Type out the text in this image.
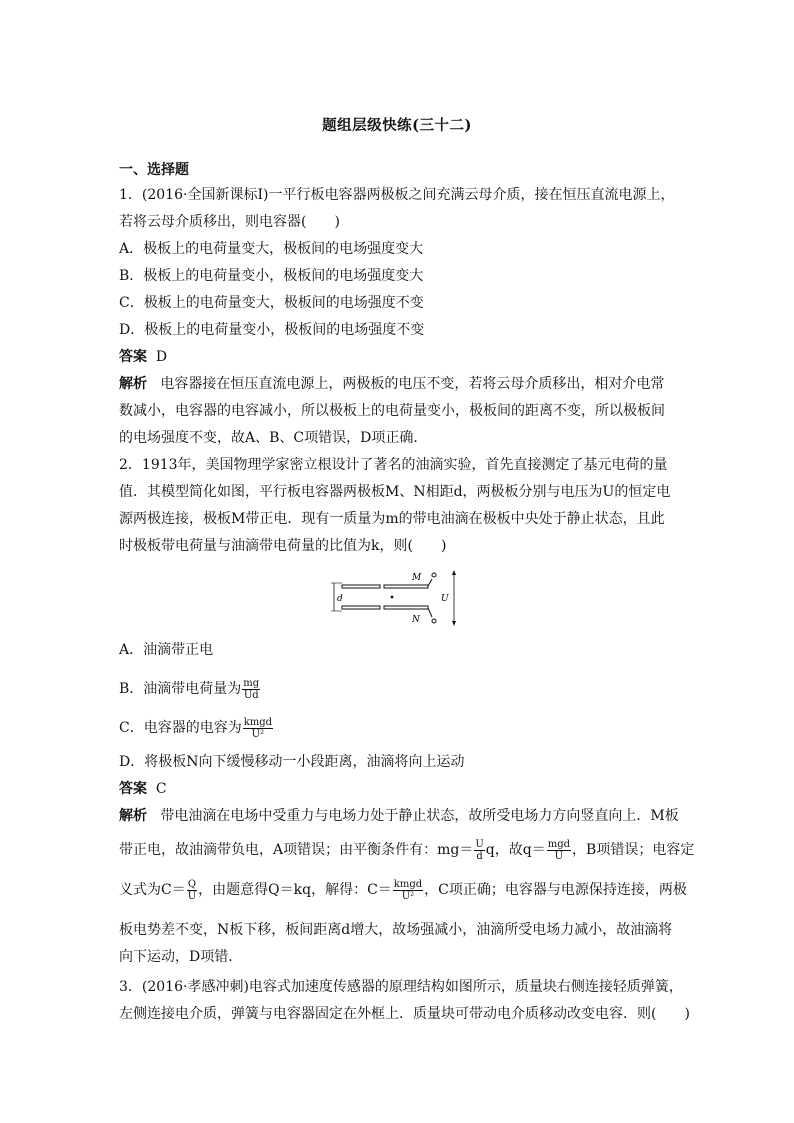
题组层级快练(三十二)
一、选择题
1．(2016·全国新课标Ⅰ)一平行板电容器两极板之间充满云母介质，接在恒压直流电源上，
若将云母介质移出，则电容器(　　)
A．极板上的电荷量变大，极板间的电场强度变大
B．极板上的电荷量变小，极板间的电场强度变大
C．极板上的电荷量变大，极板间的电场强度不变
D．极板上的电荷量变小，极板间的电场强度不变
答案 D
解析 电容器接在恒压直流电源上，两极板的电压不变，若将云母介质移出，相对介电常
数减小，电容器的电容减小，所以极板上的电荷量变小，极板间的距离不变，所以极板间
的电场强度不变，故A、B、C项错误，D项正确．
2．1913年，美国物理学家密立根设计了著名的油滴实验，首先直接测定了基元电荷的量
值．其模型简化如图，平行板电容器两极板M、N相距d，两极板分别与电压为U的恒定电
源两极连接，极板M带正电．现有一质量为m的带电油滴在极板中央处于静止状态，且此
时极板带电荷量与油滴带电荷量的比值为k，则(　　)
M
N
d	U
A．油滴带正电
B．油滴带电荷量为 $\frac{mg}{Ud}$
C．电容器的电容为 $\frac{\text{kmgd}}{\text{U²}}$
D．将极板N向下缓慢移动一小段距离，油滴将向上运动
答案 C
解析 带电油滴在电场中受重力与电场力处于静止状态，故所受电场力方向竖直向上．M板
带正电，故油滴带负电，A项错误；由平衡条件有：$mg= \frac{U}{d}$ q，故$q= \frac{\text{mgd}}{U}$ ，B项错误；电容定
义式为$C= \frac{Q}{U}$ ，由题意得Q＝kq，解得：$C= \frac{\text{kmgd}}{\text{U²}}$ ，C项正确；电容器与电源保持连接，两极
板电势差不变，N板下移，板间距离d增大，故场强减小，油滴所受电场力减小，故油滴将
向下运动，D项错．
3．(2016·孝感冲刺)电容式加速度传感器的原理结构如图所示，质量块右侧连接轻质弹簧，
左侧连接电介质，弹簧与电容器固定在外框上．质量块可带动电介质移动改变电容．则(　　)
